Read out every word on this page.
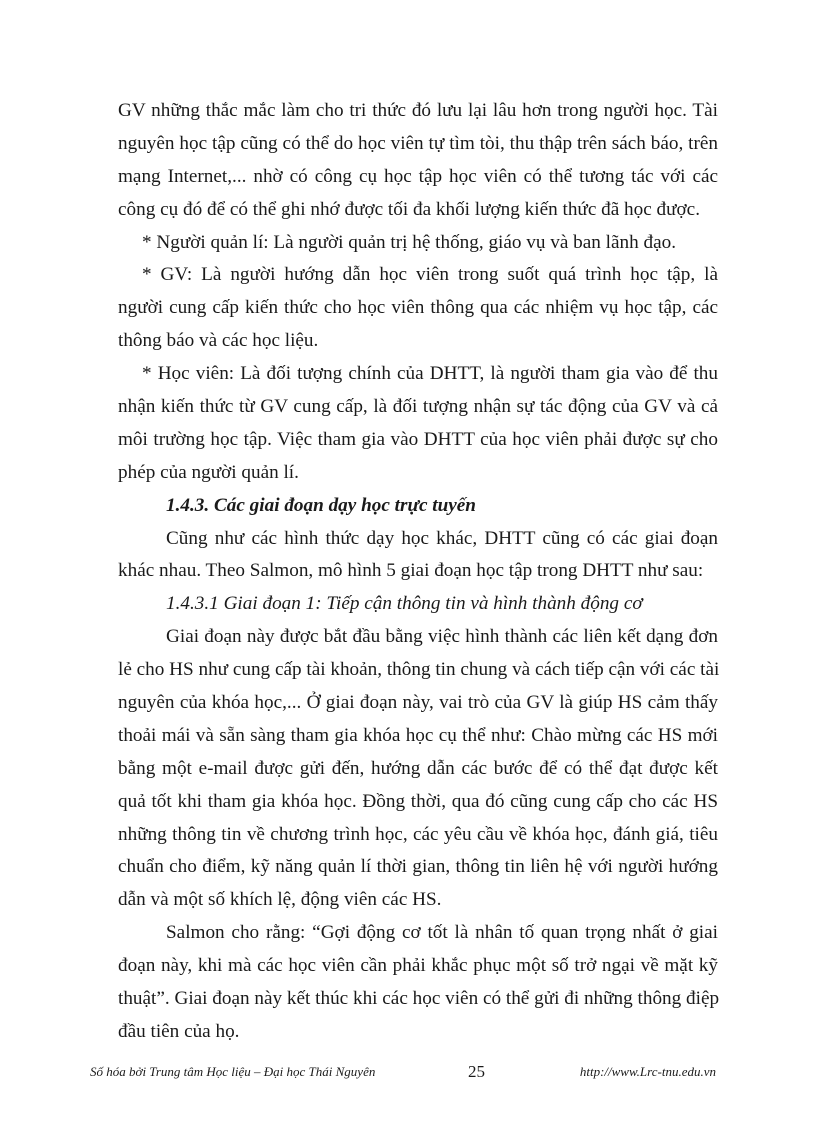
GV những thắc mắc làm cho tri thức đó lưu lại lâu hơn trong người học. Tài
nguyên học tập cũng có thể do học viên tự tìm tòi, thu thập trên sách báo, trên
mạng Internet,... nhờ có công cụ học tập học viên có thể tương tác với các
công cụ đó để có thể ghi nhớ được tối đa khối lượng kiến thức đã học được.
* Người quản lí: Là người quản trị hệ thống, giáo vụ và ban lãnh đạo.
* GV: Là người hướng dẫn học viên trong suốt quá trình học tập, là
người cung cấp kiến thức cho học viên thông qua các nhiệm vụ học tập, các
thông báo và các học liệu.
* Học viên: Là đối tượng chính của DHTT, là người tham gia vào để thu
nhận kiến thức từ GV cung cấp, là đối tượng nhận sự tác động của GV và cả
môi trường học tập. Việc tham gia vào DHTT của học viên phải được sự cho
phép của người quản lí.
1.4.3. Các giai đoạn dạy học trực tuyến
Cũng như các hình thức dạy học khác, DHTT cũng có các giai đoạn
khác nhau. Theo Salmon, mô hình 5 giai đoạn học tập trong DHTT như sau:
1.4.3.1 Giai đoạn 1: Tiếp cận thông tin và hình thành động cơ
Giai đoạn này được bắt đầu bằng việc hình thành các liên kết dạng đơn
lẻ cho HS như cung cấp tài khoản, thông tin chung và cách tiếp cận với các tài
nguyên của khóa học,... Ở giai đoạn này, vai trò của GV là giúp HS cảm thấy
thoải mái và sẵn sàng tham gia khóa học cụ thể như: Chào mừng các HS mới
bằng một e-mail được gửi đến, hướng dẫn các bước để có thể đạt được kết
quả tốt khi tham gia khóa học. Đồng thời, qua đó cũng cung cấp cho các HS
những thông tin về chương trình học, các yêu cầu về khóa học, đánh giá, tiêu
chuẩn cho điểm, kỹ năng quản lí thời gian, thông tin liên hệ với người hướng
dẫn và một số khích lệ, động viên các HS.
Salmon cho rằng: “Gợi động cơ tốt là nhân tố quan trọng nhất ở giai
đoạn này, khi mà các học viên cần phải khắc phục một số trở ngại về mặt kỹ
thuật”. Giai đoạn này kết thúc khi các học viên có thể gửi đi những thông điệp
đầu tiên của họ.
Số hóa bởi Trung tâm Học liệu – Đại học Thái Nguyên	25	http://www.Lrc-tnu.edu.vn
